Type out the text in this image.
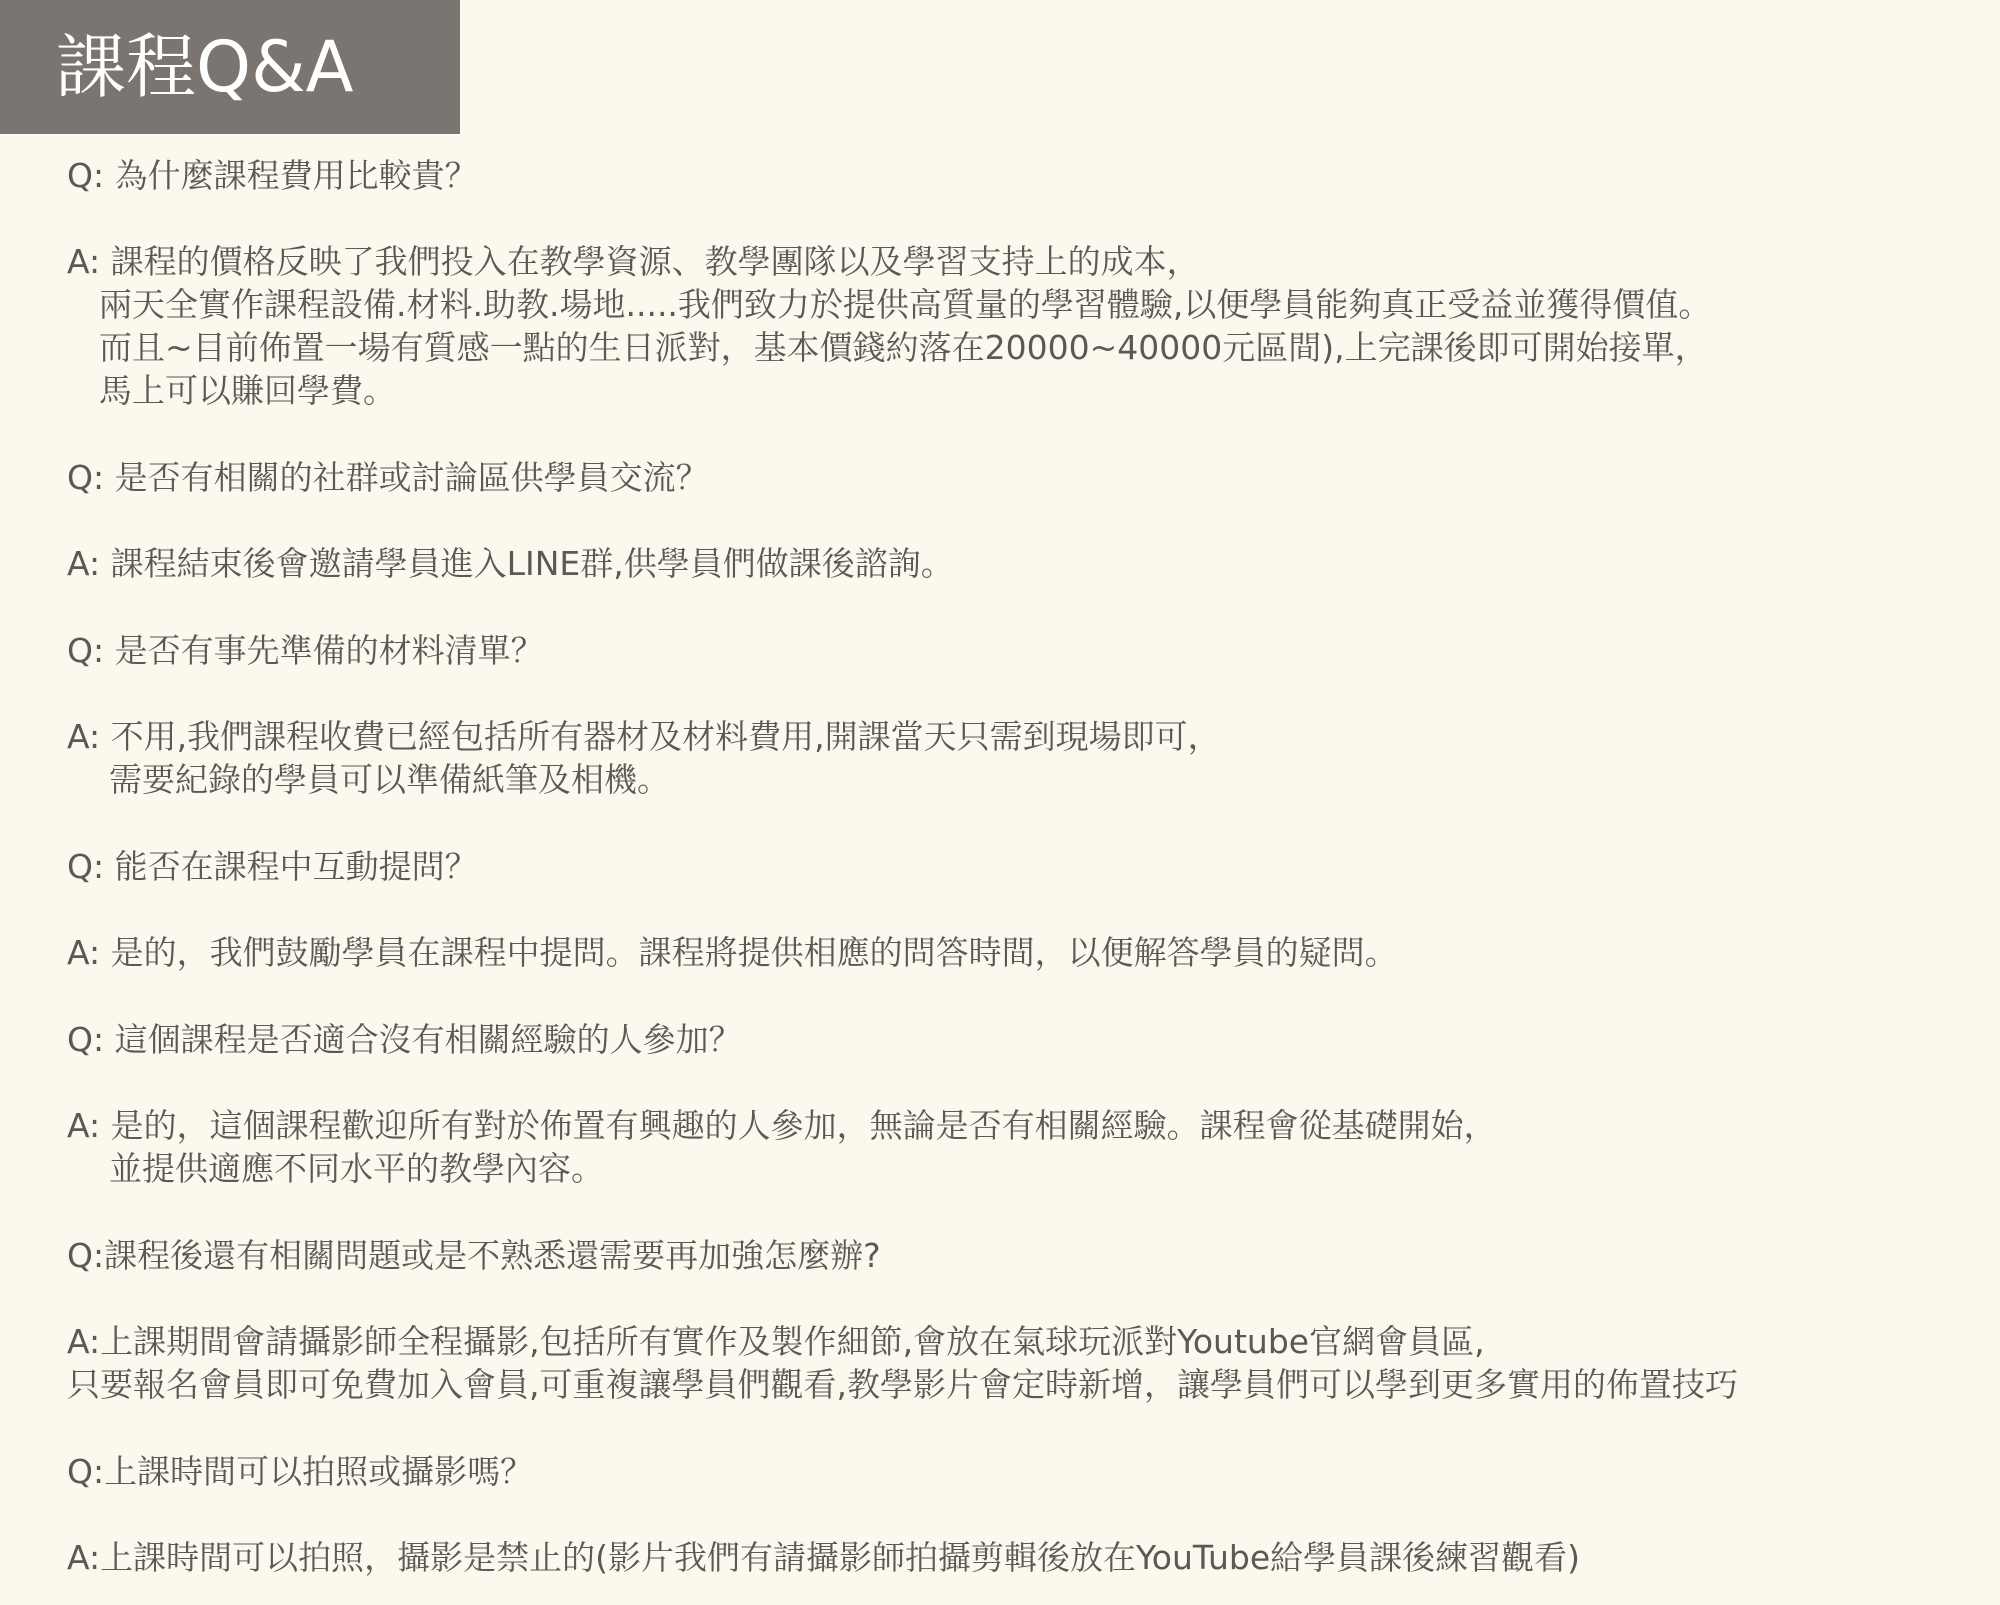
課程Q&A
Q: 為什麼課程費用比較貴？
A: 課程的價格反映了我們投入在教學資源、教學團隊以及學習支持上的成本，
兩天全實作課程設備.材料.助教.場地.....我們致力於提供高質量的學習體驗,以便學員能夠真正受益並獲得價值。
而且~目前佈置一場有質感一點的生日派對，基本價錢約落在20000~40000元區間),上完課後即可開始接單，
馬上可以賺回學費。
Q: 是否有相關的社群或討論區供學員交流？
A: 課程結束後會邀請學員進入LINE群,供學員們做課後諮詢。
Q: 是否有事先準備的材料清單？
A: 不用,我們課程收費已經包括所有器材及材料費用,開課當天只需到現場即可，
需要紀錄的學員可以準備紙筆及相機。
Q: 能否在課程中互動提問？
A: 是的，我們鼓勵學員在課程中提問。課程將提供相應的問答時間，以便解答學員的疑問。
Q: 這個課程是否適合沒有相關經驗的人參加？
A: 是的，這個課程歡迎所有對於佈置有興趣的人參加，無論是否有相關經驗。課程會從基礎開始，
並提供適應不同水平的教學內容。
Q:課程後還有相關問題或是不熟悉還需要再加強怎麼辦?
A:上課期間會請攝影師全程攝影,包括所有實作及製作細節,會放在氣球玩派對Youtube官網會員區,
只要報名會員即可免費加入會員,可重複讓學員們觀看,教學影片會定時新增，讓學員們可以學到更多實用的佈置技巧
Q:上課時間可以拍照或攝影嗎？
A:上課時間可以拍照，攝影是禁止的(影片我們有請攝影師拍攝剪輯後放在YouTube給學員課後練習觀看)
